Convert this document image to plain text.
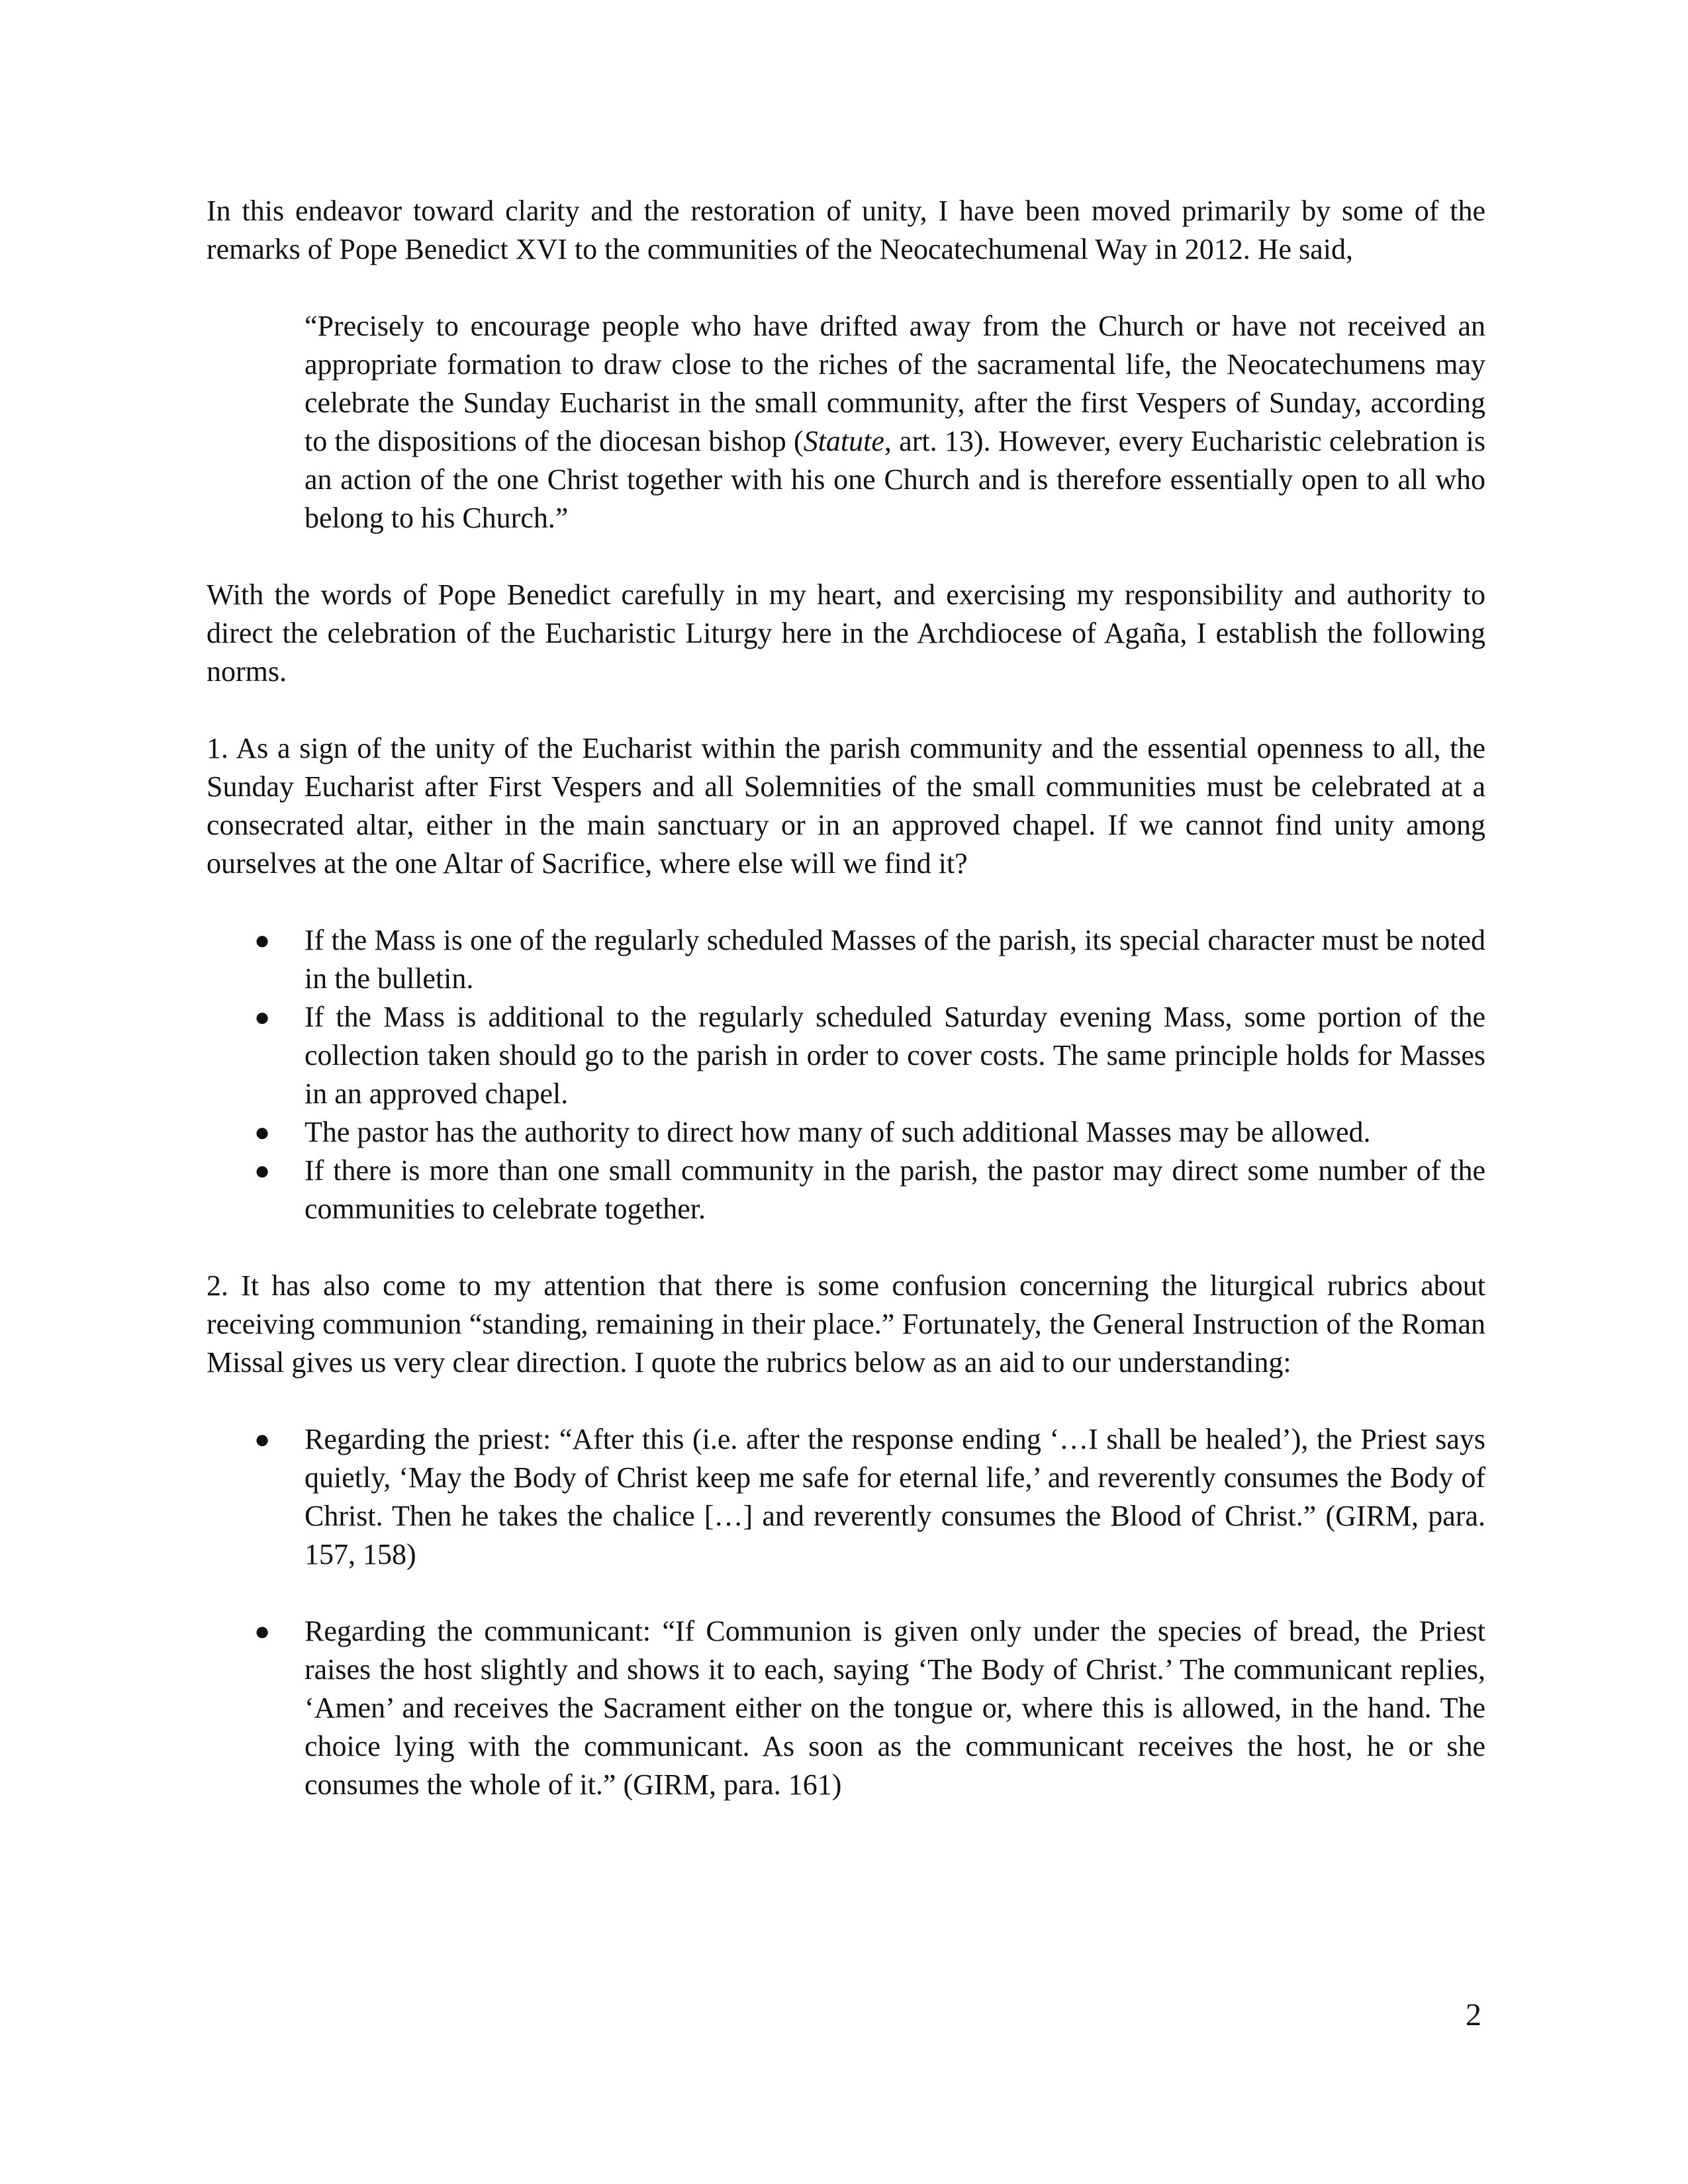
In this endeavor toward clarity and the restoration of unity, I have been moved primarily by some of the remarks of Pope Benedict XVI to the communities of the Neocatechumenal Way in 2012. He said,

“Precisely to encourage people who have drifted away from the Church or have not received an appropriate formation to draw close to the riches of the sacramental life, the Neocatechumens may celebrate the Sunday Eucharist in the small community, after the first Vespers of Sunday, according to the dispositions of the diocesan bishop (Statute, art. 13). However, every Eucharistic celebration is an action of the one Christ together with his one Church and is therefore essentially open to all who belong to his Church.”

With the words of Pope Benedict carefully in my heart, and exercising my responsibility and authority to direct the celebration of the Eucharistic Liturgy here in the Archdiocese of Agaña, I establish the following norms.

1. As a sign of the unity of the Eucharist within the parish community and the essential openness to all, the Sunday Eucharist after First Vespers and all Solemnities of the small communities must be celebrated at a consecrated altar, either in the main sanctuary or in an approved chapel. If we cannot find unity among ourselves at the one Altar of Sacrifice, where else will we find it?

● If the Mass is one of the regularly scheduled Masses of the parish, its special character must be noted in the bulletin.
● If the Mass is additional to the regularly scheduled Saturday evening Mass, some portion of the collection taken should go to the parish in order to cover costs. The same principle holds for Masses in an approved chapel.
● The pastor has the authority to direct how many of such additional Masses may be allowed.
● If there is more than one small community in the parish, the pastor may direct some number of the communities to celebrate together.

2. It has also come to my attention that there is some confusion concerning the liturgical rubrics about receiving communion “standing, remaining in their place.” Fortunately, the General Instruction of the Roman Missal gives us very clear direction. I quote the rubrics below as an aid to our understanding:

● Regarding the priest: “After this (i.e. after the response ending ‘…I shall be healed’), the Priest says quietly, ‘May the Body of Christ keep me safe for eternal life,’ and reverently consumes the Body of Christ. Then he takes the chalice […] and reverently consumes the Blood of Christ.” (GIRM, para. 157, 158)
● Regarding the communicant: “If Communion is given only under the species of bread, the Priest raises the host slightly and shows it to each, saying ‘The Body of Christ.’ The communicant replies, ‘Amen’ and receives the Sacrament either on the tongue or, where this is allowed, in the hand. The choice lying with the communicant. As soon as the communicant receives the host, he or she consumes the whole of it.” (GIRM, para. 161)
2
